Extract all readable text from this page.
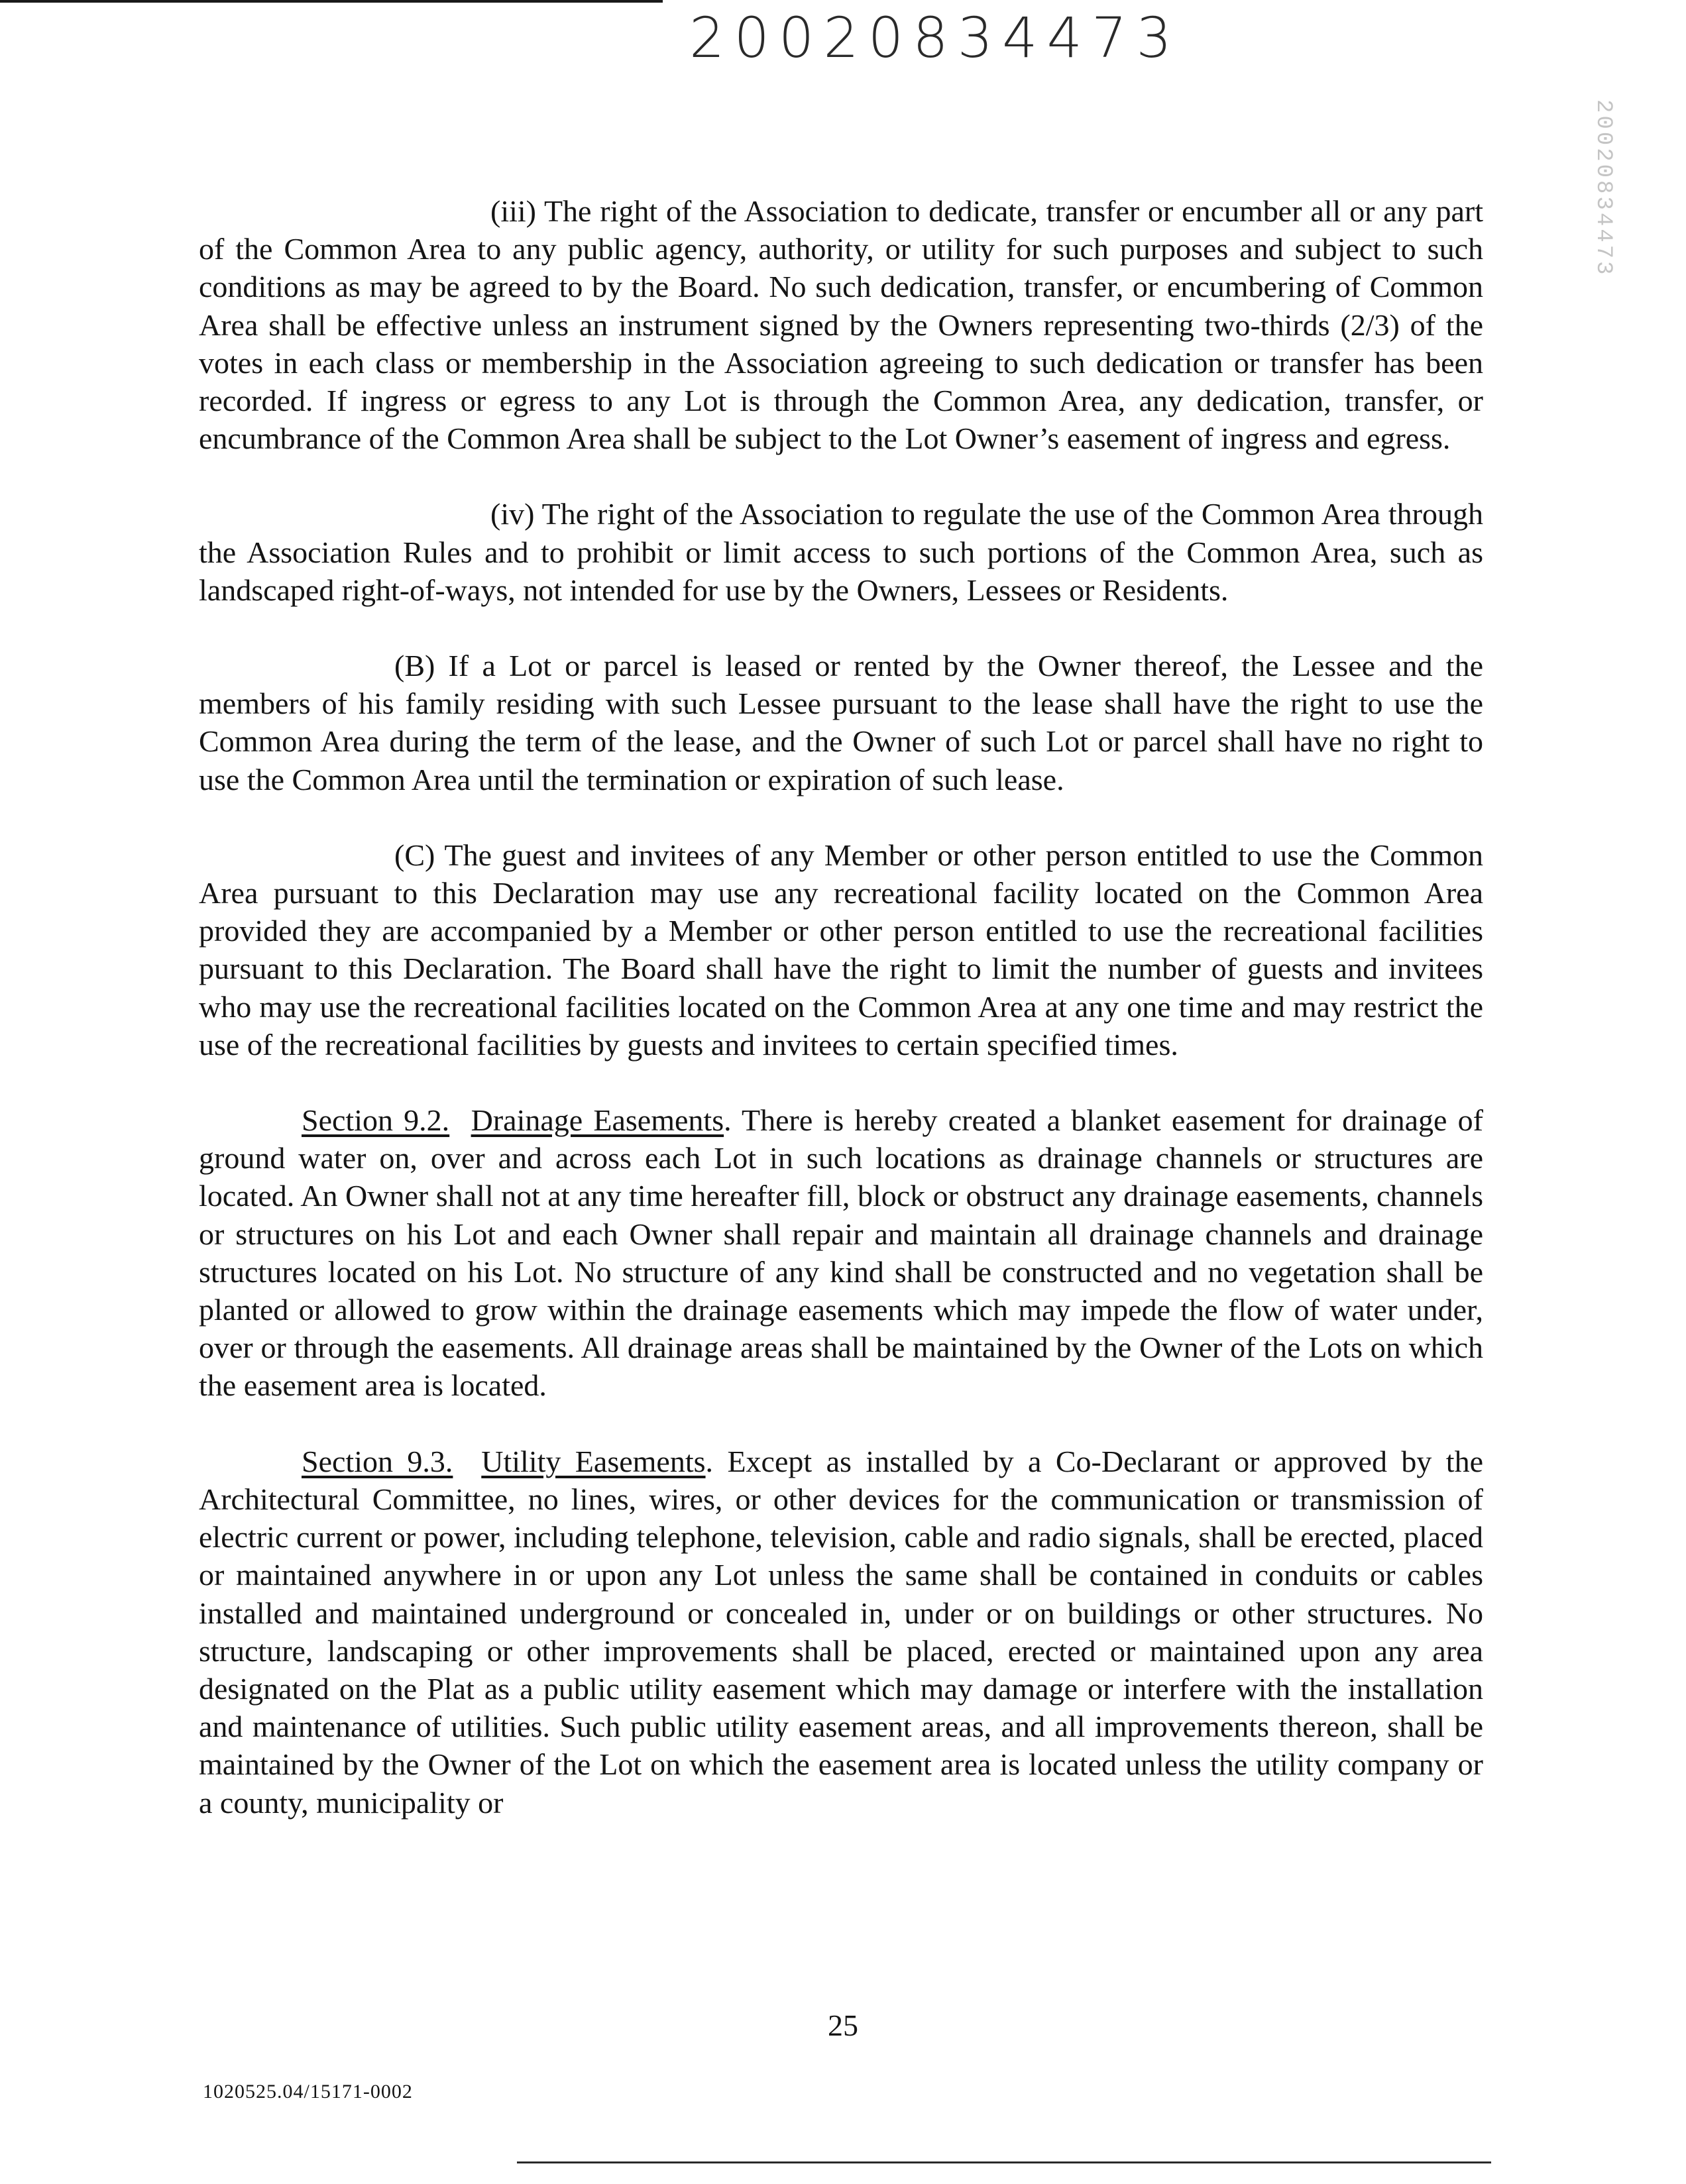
20020834473
20020834473

(iii) The right of the Association to dedicate, transfer or encumber all or any part of the Common Area to any public agency, authority, or utility for such purposes and subject to such conditions as may be agreed to by the Board. No such dedication, transfer, or encumbering of Common Area shall be effective unless an instrument signed by the Owners representing two-thirds (2/3) of the votes in each class or membership in the Association agreeing to such dedication or transfer has been recorded. If ingress or egress to any Lot is through the Common Area, any dedication, transfer, or encumbrance of the Common Area shall be subject to the Lot Owner’s easement of ingress and egress.

(iv) The right of the Association to regulate the use of the Common Area through the Association Rules and to prohibit or limit access to such portions of the Common Area, such as landscaped right-of-ways, not intended for use by the Owners, Lessees or Residents.

(B) If a Lot or parcel is leased or rented by the Owner thereof, the Lessee and the members of his family residing with such Lessee pursuant to the lease shall have the right to use the Common Area during the term of the lease, and the Owner of such Lot or parcel shall have no right to use the Common Area until the termination or expiration of such lease.

(C) The guest and invitees of any Member or other person entitled to use the Common Area pursuant to this Declaration may use any recreational facility located on the Common Area provided they are accompanied by a Member or other person entitled to use the recreational facilities pursuant to this Declaration. The Board shall have the right to limit the number of guests and invitees who may use the recreational facilities located on the Common Area at any one time and may restrict the use of the recreational facilities by guests and invitees to certain specified times.

Section 9.2. Drainage Easements. There is hereby created a blanket easement for drainage of ground water on, over and across each Lot in such locations as drainage channels or structures are located. An Owner shall not at any time hereafter fill, block or obstruct any drainage easements, channels or structures on his Lot and each Owner shall repair and maintain all drainage channels and drainage structures located on his Lot. No structure of any kind shall be constructed and no vegetation shall be planted or allowed to grow within the drainage easements which may impede the flow of water under, over or through the easements. All drainage areas shall be maintained by the Owner of the Lots on which the easement area is located.

Section 9.3. Utility Easements. Except as installed by a Co-Declarant or approved by the Architectural Committee, no lines, wires, or other devices for the communication or transmission of electric current or power, including telephone, television, cable and radio signals, shall be erected, placed or maintained anywhere in or upon any Lot unless the same shall be contained in conduits or cables installed and maintained underground or concealed in, under or on buildings or other structures. No structure, landscaping or other improvements shall be placed, erected or maintained upon any area designated on the Plat as a public utility easement which may damage or interfere with the installation and maintenance of utilities. Such public utility easement areas, and all improvements thereon, shall be maintained by the Owner of the Lot on which the easement area is located unless the utility company or a county, municipality or

25
1020525.04/15171-0002
